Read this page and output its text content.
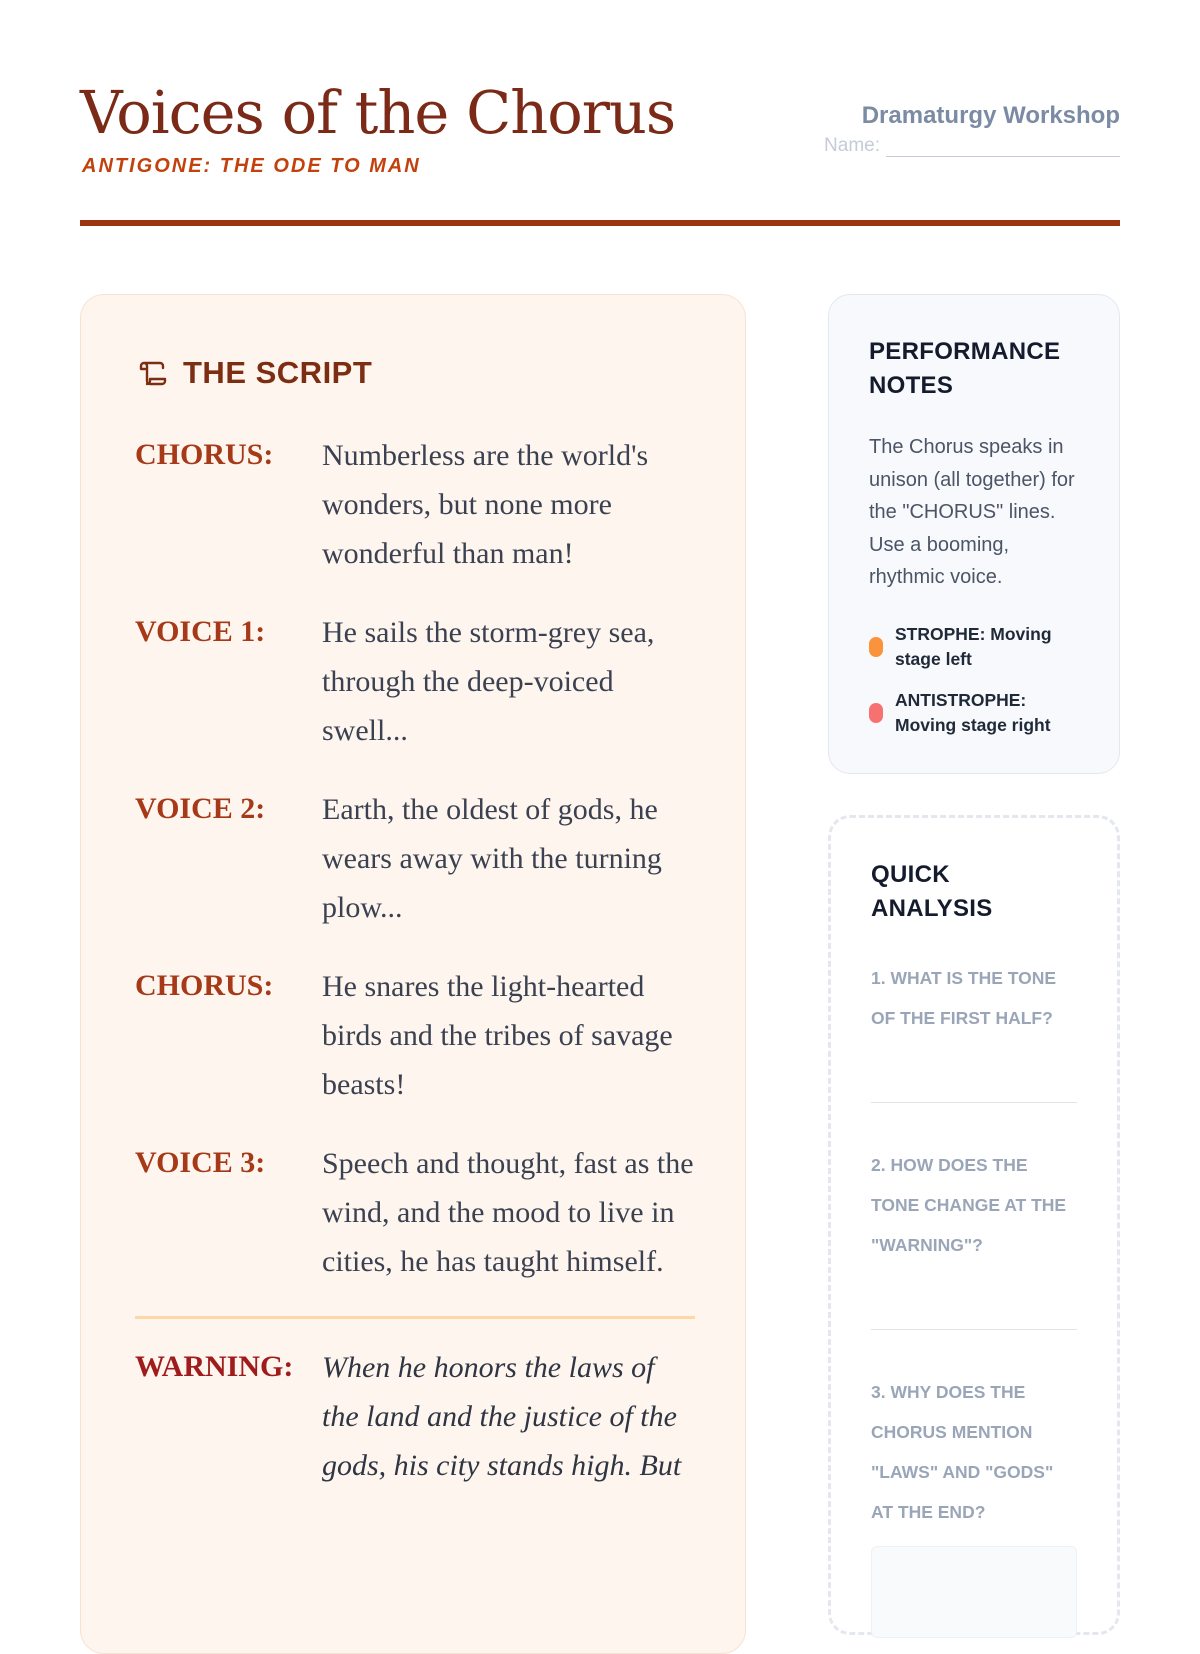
Voices of the Chorus
ANTIGONE: THE ODE TO MAN
Dramaturgy Workshop
Name:
THE SCRIPT
CHORUS:	Numberless are the world's wonders, but none more wonderful than man!
VOICE 1:	He sails the storm-grey sea, through the deep-voiced swell...
VOICE 2:	Earth, the oldest of gods, he wears away with the turning plow...
CHORUS:	He snares the light-hearted birds and the tribes of savage beasts!
VOICE 3:	Speech and thought, fast as the wind, and the mood to live in cities, he has taught himself.
WARNING: When he honors the laws of the land and the justice of the gods, his city stands high. But
PERFORMANCE NOTES
The Chorus speaks in unison (all together) for the "CHORUS" lines. Use a booming, rhythmic voice.
STROPHE: Moving stage left
ANTISTROPHE: Moving stage right
QUICK ANALYSIS
1. WHAT IS THE TONE OF THE FIRST HALF?
2. HOW DOES THE TONE CHANGE AT THE "WARNING"?
3. WHY DOES THE CHORUS MENTION "LAWS" AND "GODS" AT THE END?
